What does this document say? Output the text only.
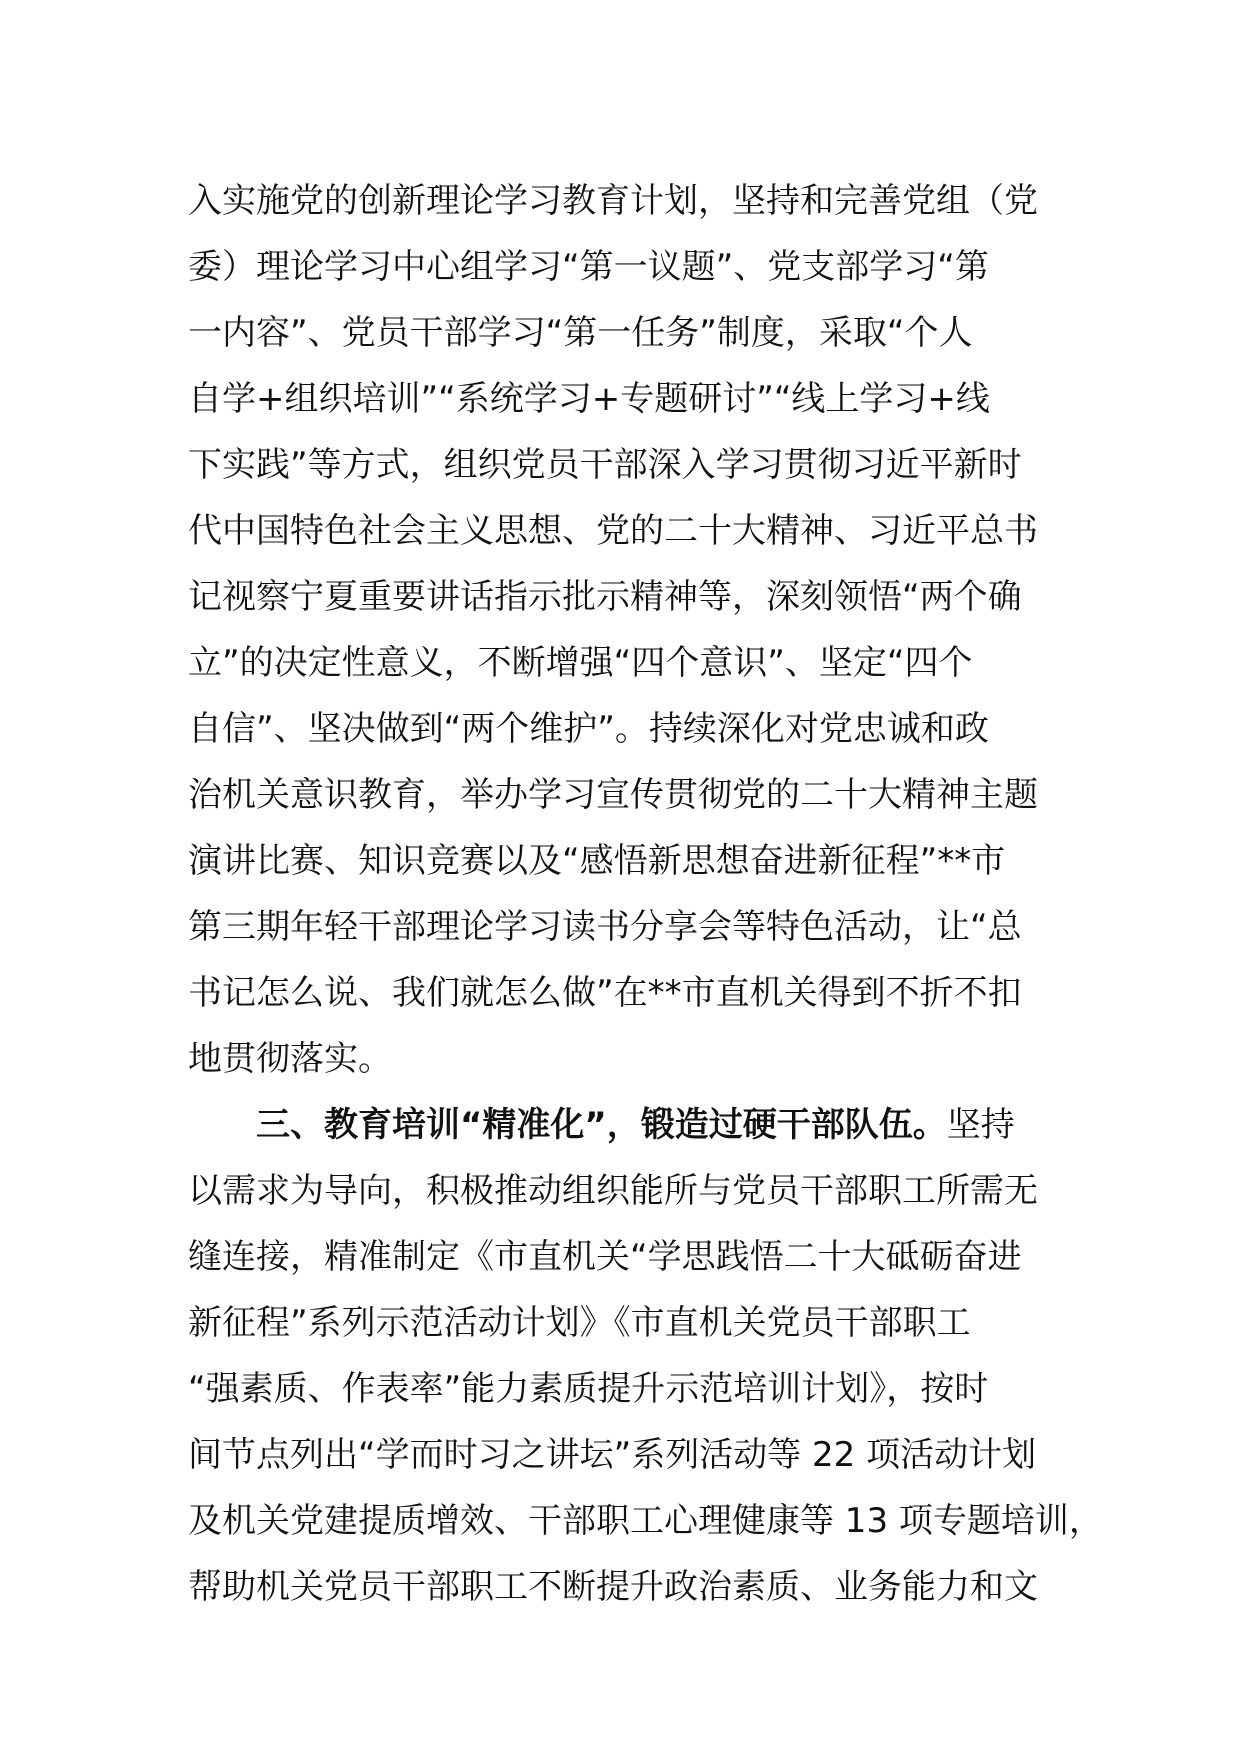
入实施党的创新理论学习教育计划，坚持和完善党组（党
委）理论学习中心组学习“第一议题”、党支部学习“第
一内容”、党员干部学习“第一任务”制度，采取“个人
自学+组织培训”“系统学习+专题研讨”“线上学习+线
下实践”等方式，组织党员干部深入学习贯彻习近平新时
代中国特色社会主义思想、党的二十大精神、习近平总书
记视察宁夏重要讲话指示批示精神等，深刻领悟“两个确
立”的决定性意义，不断增强“四个意识”、坚定“四个
自信”、坚决做到“两个维护”。持续深化对党忠诚和政
治机关意识教育，举办学习宣传贯彻党的二十大精神主题
演讲比赛、知识竞赛以及“感悟新思想奋进新征程”**市
第三期年轻干部理论学习读书分享会等特色活动，让“总
书记怎么说、我们就怎么做”在**市直机关得到不折不扣
地贯彻落实。
三、教育培训“精准化”，锻造过硬干部队伍。坚持
以需求为导向，积极推动组织能所与党员干部职工所需无
缝连接，精准制定《市直机关“学思践悟二十大砥砺奋进
新征程”系列示范活动计划》《市直机关党员干部职工
“强素质、作表率”能力素质提升示范培训计划》，按时
间节点列出“学而时习之讲坛”系列活动等 22 项活动计划
及机关党建提质增效、干部职工心理健康等 13 项专题培训，
帮助机关党员干部职工不断提升政治素质、业务能力和文
